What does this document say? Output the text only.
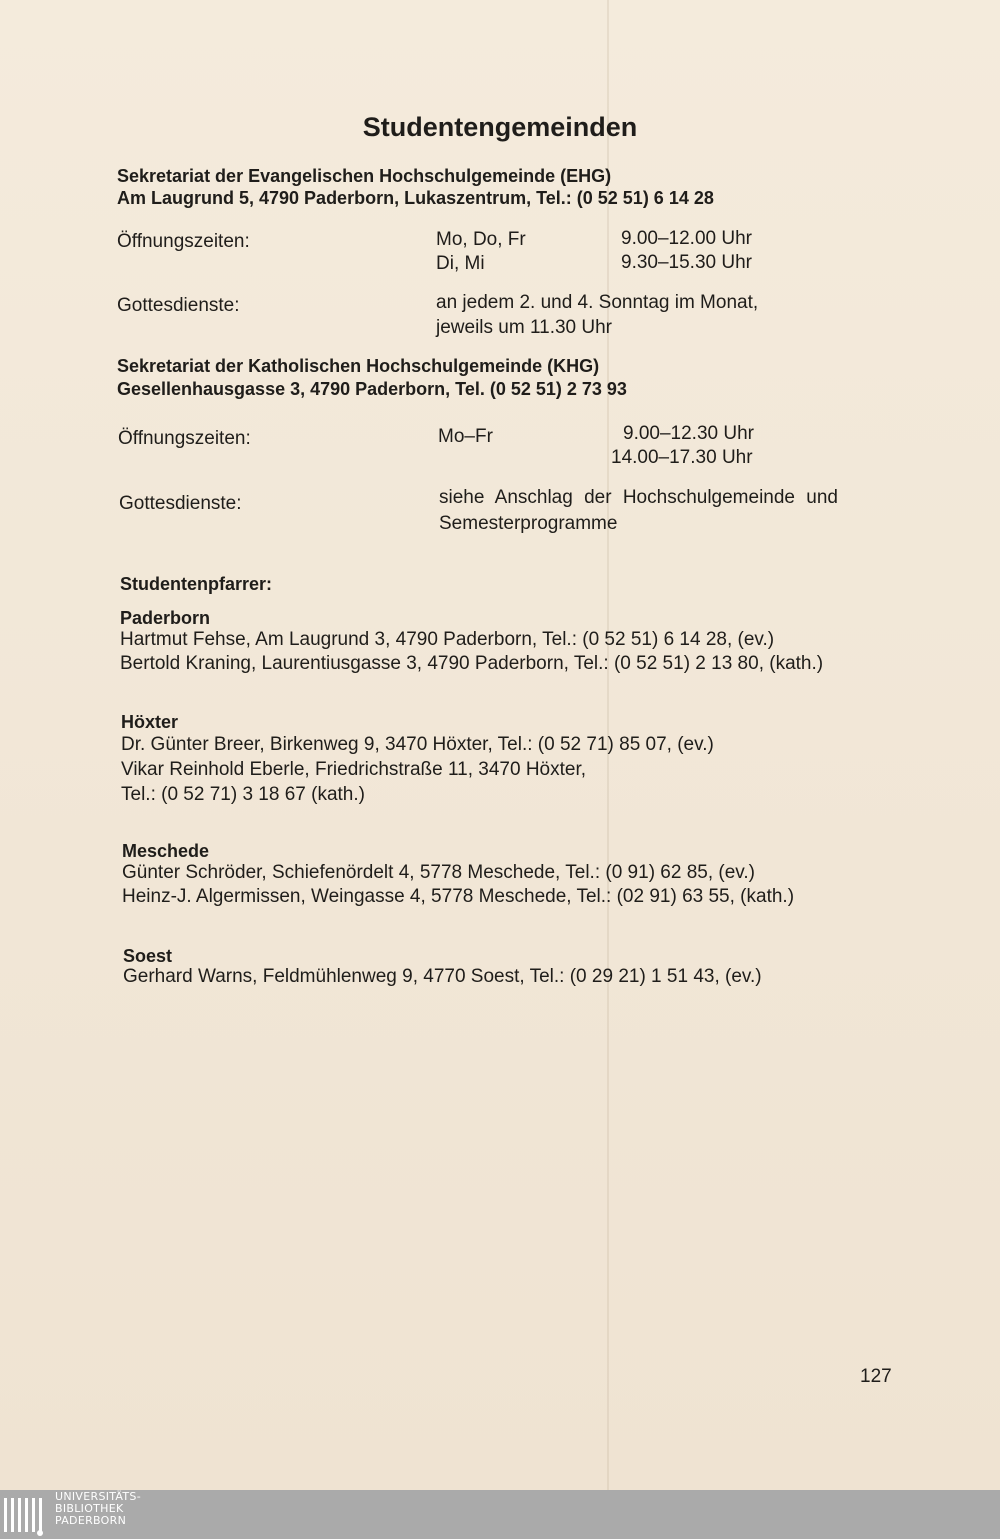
Studentengemeinden
Sekretariat der Evangelischen Hochschulgemeinde (EHG)
Am Laugrund 5, 4790 Paderborn, Lukaszentrum, Tel.: (0 52 51) 6 14 28
Öffnungszeiten:	Mo, Do, Fr	9.00–12.00 Uhr
Di, Mi	9.30–15.30 Uhr
Gottesdienste:	an jedem 2. und 4. Sonntag im Monat,
jeweils um 11.30 Uhr
Sekretariat der Katholischen Hochschulgemeinde (KHG)
Gesellenhausgasse 3, 4790 Paderborn, Tel. (0 52 51) 2 73 93
Öffnungszeiten:	Mo–Fr	9.00–12.30 Uhr
14.00–17.30 Uhr
Gottesdienste:	siehe Anschlag der Hochschulgemeinde und
Semesterprogramme
Studentenpfarrer:
Paderborn
Hartmut Fehse, Am Laugrund 3, 4790 Paderborn, Tel.: (0 52 51) 6 14 28, (ev.)
Bertold Kraning, Laurentiusgasse 3, 4790 Paderborn, Tel.: (0 52 51) 2 13 80, (kath.)
Höxter
Dr. Günter Breer, Birkenweg 9, 3470 Höxter, Tel.: (0 52 71) 85 07, (ev.)
Vikar Reinhold Eberle, Friedrichstraße 11, 3470 Höxter,
Tel.: (0 52 71) 3 18 67 (kath.)
Meschede
Günter Schröder, Schiefenördelt 4, 5778 Meschede, Tel.: (0 91) 62 85, (ev.)
Heinz-J. Algermissen, Weingasse 4, 5778 Meschede, Tel.: (02 91) 63 55, (kath.)
Soest
Gerhard Warns, Feldmühlenweg 9, 4770 Soest, Tel.: (0 29 21) 1 51 43, (ev.)
127
UNIVERSITÄTS-
BIBLIOTHEK
PADERBORN
